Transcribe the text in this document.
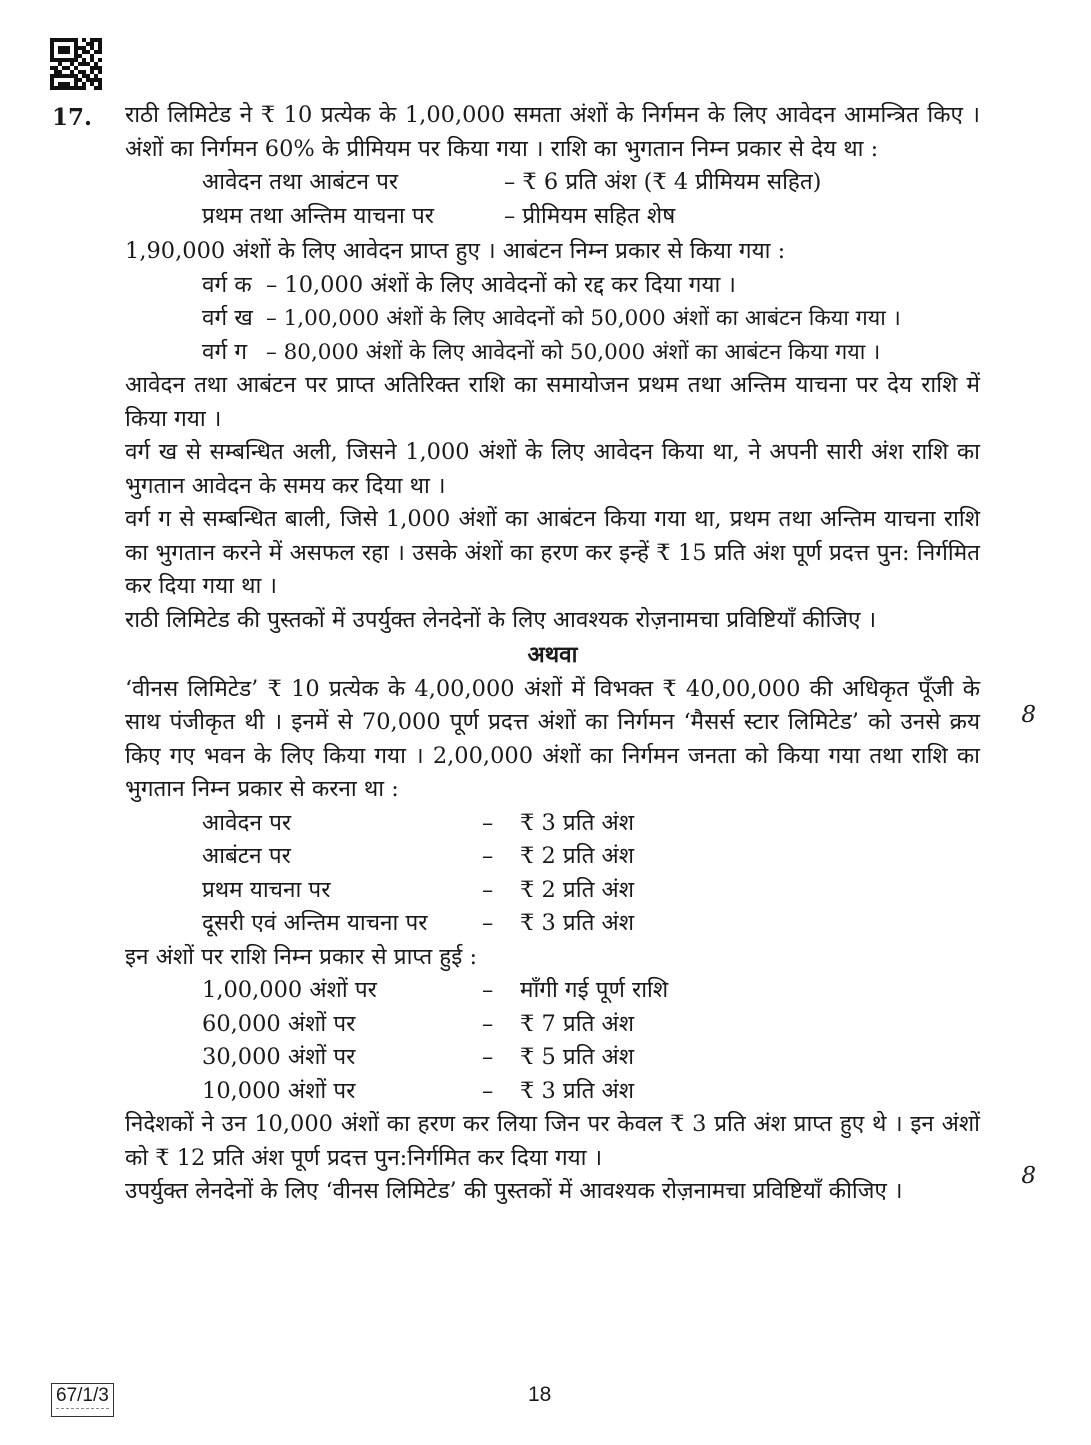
17. राठी लिमिटेड ने ₹ 10 प्रत्येक के 1,00,000 समता अंशों के निर्गमन के लिए आवेदन आमन्त्रित किए । अंशों का निर्गमन 60% के प्रीमियम पर किया गया । राशि का भुगतान निम्न प्रकार से देय था :

आवेदन तथा आबंटन पर	– ₹ 6 प्रति अंश (₹ 4 प्रीमियम सहित)
प्रथम तथा अन्तिम याचना पर	– प्रीमियम सहित शेष

1,90,000 अंशों के लिए आवेदन प्राप्त हुए । आबंटन निम्न प्रकार से किया गया :

वर्ग क – 10,000 अंशों के लिए आवेदनों को रद्द कर दिया गया ।
वर्ग ख – 1,00,000 अंशों के लिए आवेदनों को 50,000 अंशों का आबंटन किया गया ।
वर्ग ग – 80,000 अंशों के लिए आवेदनों को 50,000 अंशों का आबंटन किया गया ।

आवेदन तथा आबंटन पर प्राप्त अतिरिक्त राशि का समायोजन प्रथम तथा अन्तिम याचना पर देय राशि में किया गया ।

वर्ग ख से सम्बन्धित अली, जिसने 1,000 अंशों के लिए आवेदन किया था, ने अपनी सारी अंश राशि का भुगतान आवेदन के समय कर दिया था ।

वर्ग ग से सम्बन्धित बाली, जिसे 1,000 अंशों का आबंटन किया गया था, प्रथम तथा अन्तिम याचना राशि का भुगतान करने में असफल रहा । उसके अंशों का हरण कर इन्हें ₹ 15 प्रति अंश पूर्ण प्रदत्त पुन: निर्गमित कर दिया गया था ।

राठी लिमिटेड की पुस्तकों में उपर्युक्त लेनदेनों के लिए आवश्यक रोज़नामचा प्रविष्टियाँ कीजिए ।

अथवा

‘वीनस लिमिटेड’ ₹ 10 प्रत्येक के 4,00,000 अंशों में विभक्त ₹ 40,00,000 की अधिकृत पूँजी के साथ पंजीकृत थी । इनमें से 70,000 पूर्ण प्रदत्त अंशों का निर्गमन ‘मैसर्स स्टार लिमिटेड’ को उनसे क्रय किए गए भवन के लिए किया गया । 2,00,000 अंशों का निर्गमन जनता को किया गया तथा राशि का भुगतान निम्न प्रकार से करना था :

आवेदन पर	–	₹ 3 प्रति अंश
आबंटन पर	–	₹ 2 प्रति अंश
प्रथम याचना पर	–	₹ 2 प्रति अंश
दूसरी एवं अन्तिम याचना पर	–	₹ 3 प्रति अंश

इन अंशों पर राशि निम्न प्रकार से प्राप्त हुई :

1,00,000 अंशों पर	–	माँगी गई पूर्ण राशि
60,000 अंशों पर	–	₹ 7 प्रति अंश
30,000 अंशों पर	–	₹ 5 प्रति अंश
10,000 अंशों पर	–	₹ 3 प्रति अंश

निदेशकों ने उन 10,000 अंशों का हरण कर लिया जिन पर केवल ₹ 3 प्रति अंश प्राप्त हुए थे । इन अंशों को ₹ 12 प्रति अंश पूर्ण प्रदत्त पुन:निर्गमित कर दिया गया ।

उपर्युक्त लेनदेनों के लिए ‘वीनस लिमिटेड’ की पुस्तकों में आवश्यक रोज़नामचा प्रविष्टियाँ कीजिए ।

8
8
67/1/3	18
